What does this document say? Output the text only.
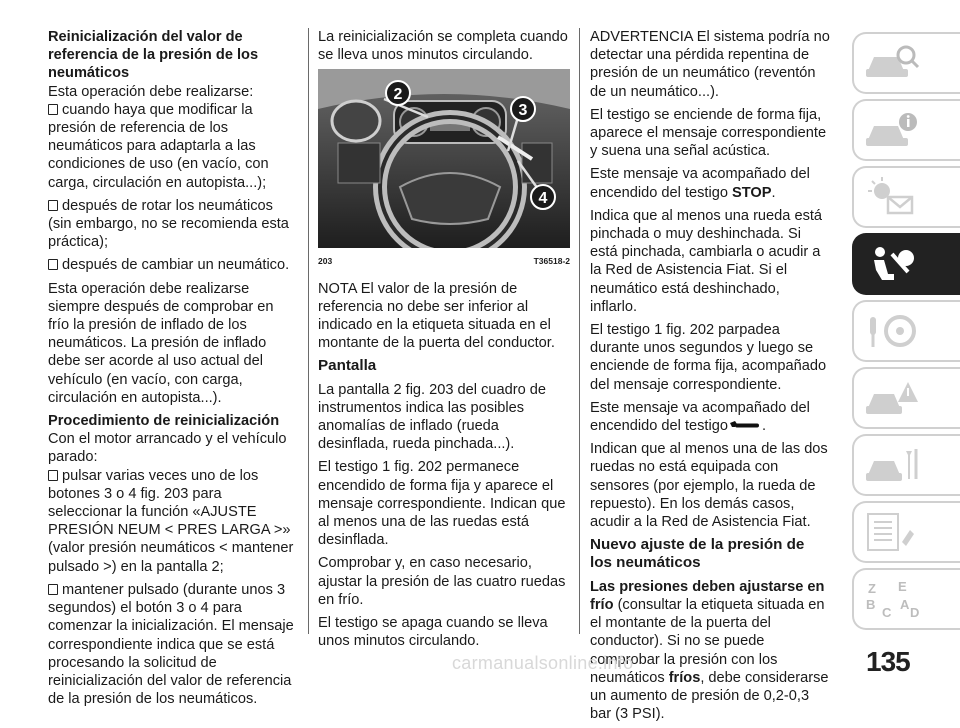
Reinicialización del valor de referencia de la presión de los neumáticos

Esta operación debe realizarse:

cuando haya que modificar la presión de referencia de los neumáticos para adaptarla a las condiciones de uso (en vacío, con carga, circulación en autopista...);

después de rotar los neumáticos (sin embargo, no se recomienda esta práctica);

después de cambiar un neumático.

Esta operación debe realizarse siempre después de comprobar en frío la presión de inflado de los neumáticos. La presión de inflado debe ser acorde al uso actual del vehículo (en vacío, con carga, circulación en autopista...).

Procedimiento de reinicialización

Con el motor arrancado y el vehículo parado:

pulsar varias veces uno de los botones 3 o 4 fig. 203 para seleccionar la función «AJUSTE PRESIÓN NEUM < PRES LARGA >» (valor presión neumáticos < mantener pulsado >) en la pantalla 2;

mantener pulsado (durante unos 3 segundos) el botón 3 o 4 para comenzar la inicialización. El mensaje correspondiente indica que se está procesando la solicitud de reinicialización del valor de referencia de la presión de los neumáticos.

La reinicialización se completa cuando se lleva unos minutos circulando.

2
3
4
203	T36518-2

NOTA El valor de la presión de referencia no debe ser inferior al indicado en la etiqueta situada en el montante de la puerta del conductor.

Pantalla

La pantalla 2 fig. 203 del cuadro de instrumentos indica las posibles anomalías de inflado (rueda desinflada, rueda pinchada...).

El testigo 1 fig. 202 permanece encendido de forma fija y aparece el mensaje correspondiente. Indican que al menos una de las ruedas está desinflada.

Comprobar y, en caso necesario, ajustar la presión de las cuatro ruedas en frío.

El testigo se apaga cuando se lleva unos minutos circulando.

ADVERTENCIA El sistema podría no detectar una pérdida repentina de presión de un neumático (reventón de un neumático...).

El testigo se enciende de forma fija, aparece el mensaje correspondiente y suena una señal acústica.

Este mensaje va acompañado del encendido del testigo STOP.

Indica que al menos una rueda está pinchada o muy deshinchada. Si está pinchada, cambiarla o acudir a la Red de Asistencia Fiat. Si el neumático está deshinchado, inflarlo.

El testigo 1 fig. 202 parpadea durante unos segundos y luego se enciende de forma fija, acompañado del mensaje correspondiente.

Este mensaje va acompañado del encendido del testigo .

Indican que al menos una de las dos ruedas no está equipada con sensores (por ejemplo, la rueda de repuesto). En los demás casos, acudir a la Red de Asistencia Fiat.

Nuevo ajuste de la presión de los neumáticos

Las presiones deben ajustarse en frío (consultar la etiqueta situada en el montante de la puerta del conductor). Si no se puede comprobar la presión con los neumáticos fríos, debe considerarse un aumento de presión de 0,2-0,3 bar (3 PSI).

Z E
B
C
A
D
135
carmanualsonline.info
